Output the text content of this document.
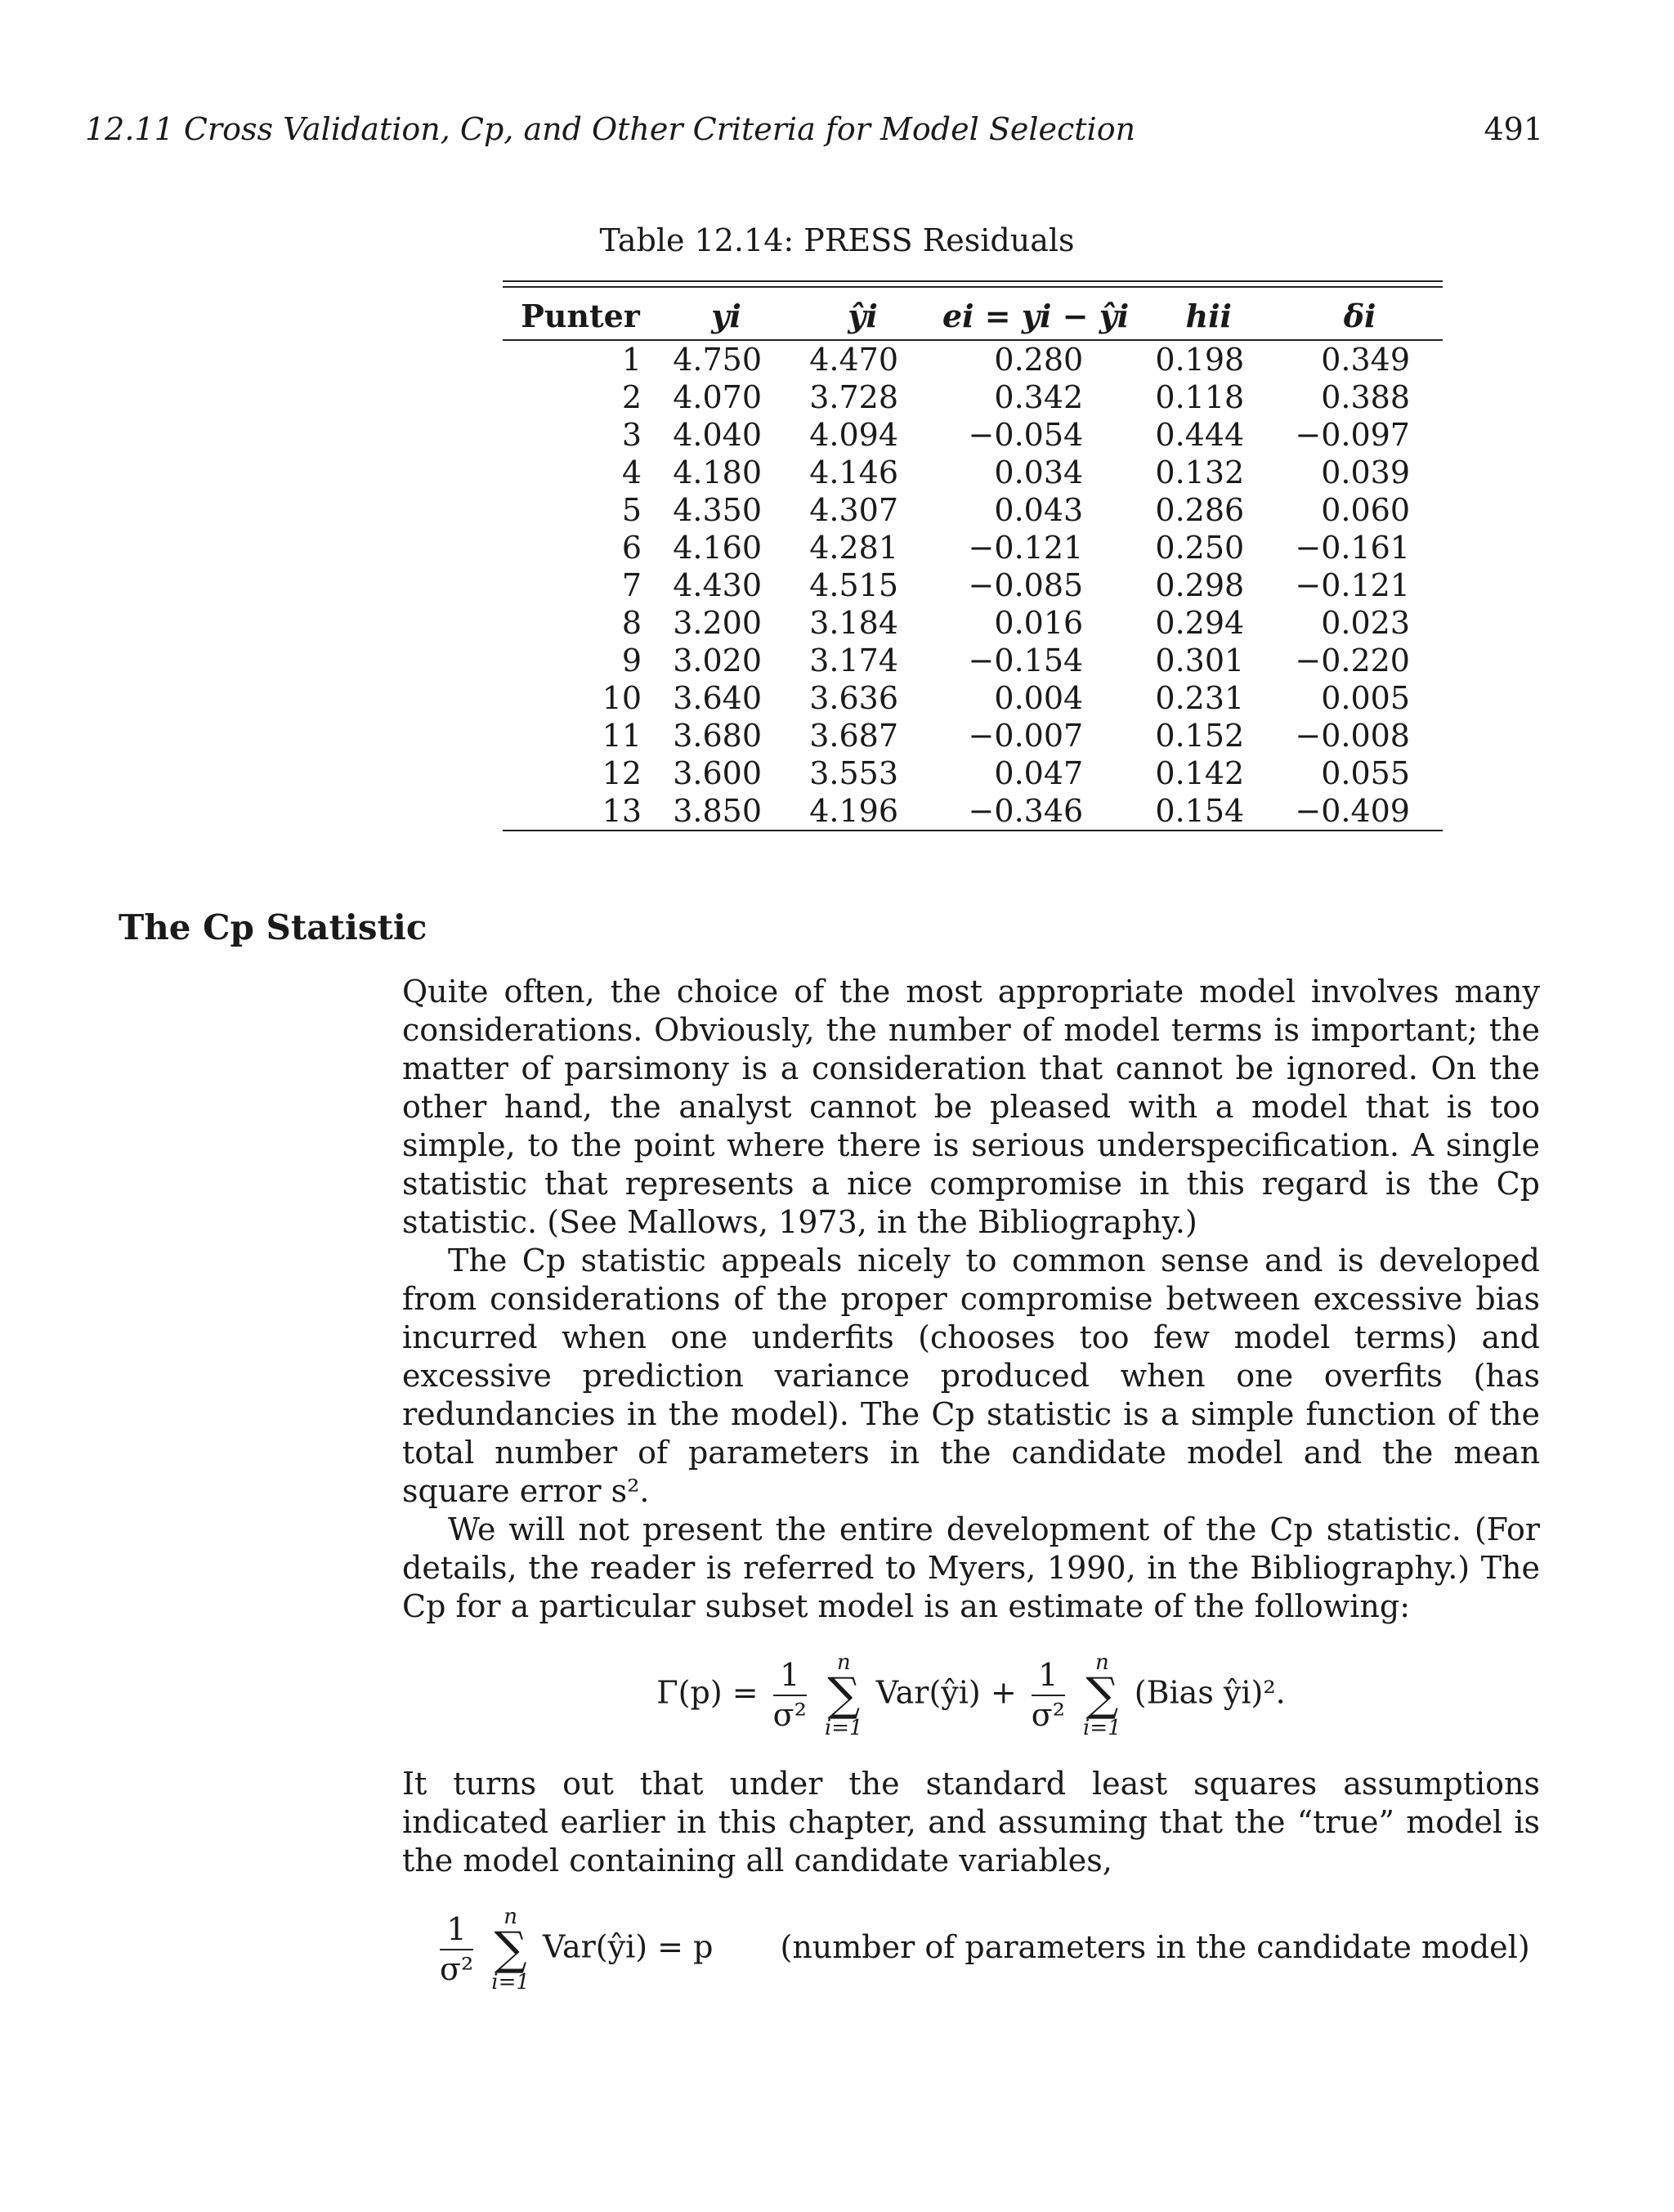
12.11 Cross Validation, Cp, and Other Criteria for Model Selection	491
Table 12.14: PRESS Residuals
Punter	yi	ŷi	ei = yi − ŷi	hii	δi
1	4.750	4.470	0.280	0.198	0.349
2	4.070	3.728	0.342	0.118	0.388
3	4.040	4.094	−0.054	0.444	−0.097
4	4.180	4.146	0.034	0.132	0.039
5	4.350	4.307	0.043	0.286	0.060
6	4.160	4.281	−0.121	0.250	−0.161
7	4.430	4.515	−0.085	0.298	−0.121
8	3.200	3.184	0.016	0.294	0.023
9	3.020	3.174	−0.154	0.301	−0.220
10	3.640	3.636	0.004	0.231	0.005
11	3.680	3.687	−0.007	0.152	−0.008
12	3.600	3.553	0.047	0.142	0.055
13	3.850	4.196	−0.346	0.154	−0.409
The Cp Statistic

Quite often, the choice of the most appropriate model involves many considerations. Obviously, the number of model terms is important; the matter of parsimony is a consideration that cannot be ignored. On the other hand, the analyst cannot be pleased with a model that is too simple, to the point where there is serious underspecification. A single statistic that represents a nice compromise in this regard is the Cp statistic. (See Mallows, 1973, in the Bibliography.)

The Cp statistic appeals nicely to common sense and is developed from considerations of the proper compromise between excessive bias incurred when one underfits (chooses too few model terms) and excessive prediction variance produced when one overfits (has redundancies in the model). The Cp statistic is a simple function of the total number of parameters in the candidate model and the mean square error s².

We will not present the entire development of the Cp statistic. (For details, the reader is referred to Myers, 1990, in the Bibliography.) The Cp for a particular subset model is an estimate of the following:

$\Gamma(p) = \frac{1}{\text{σ²}}$
	n
∑
i=1
Var(ŷi) + $\frac{1}{\text{σ²}}$
	n
∑
i=1
(Bias ŷi)².

It turns out that under the standard least squares assumptions indicated earlier in this chapter, and assuming that the “true” model is the model containing all candidate variables,

$\frac{1}{\text{σ²}}$
	n
∑
i=1
Var(ŷi) = p (number of parameters in the candidate model)
